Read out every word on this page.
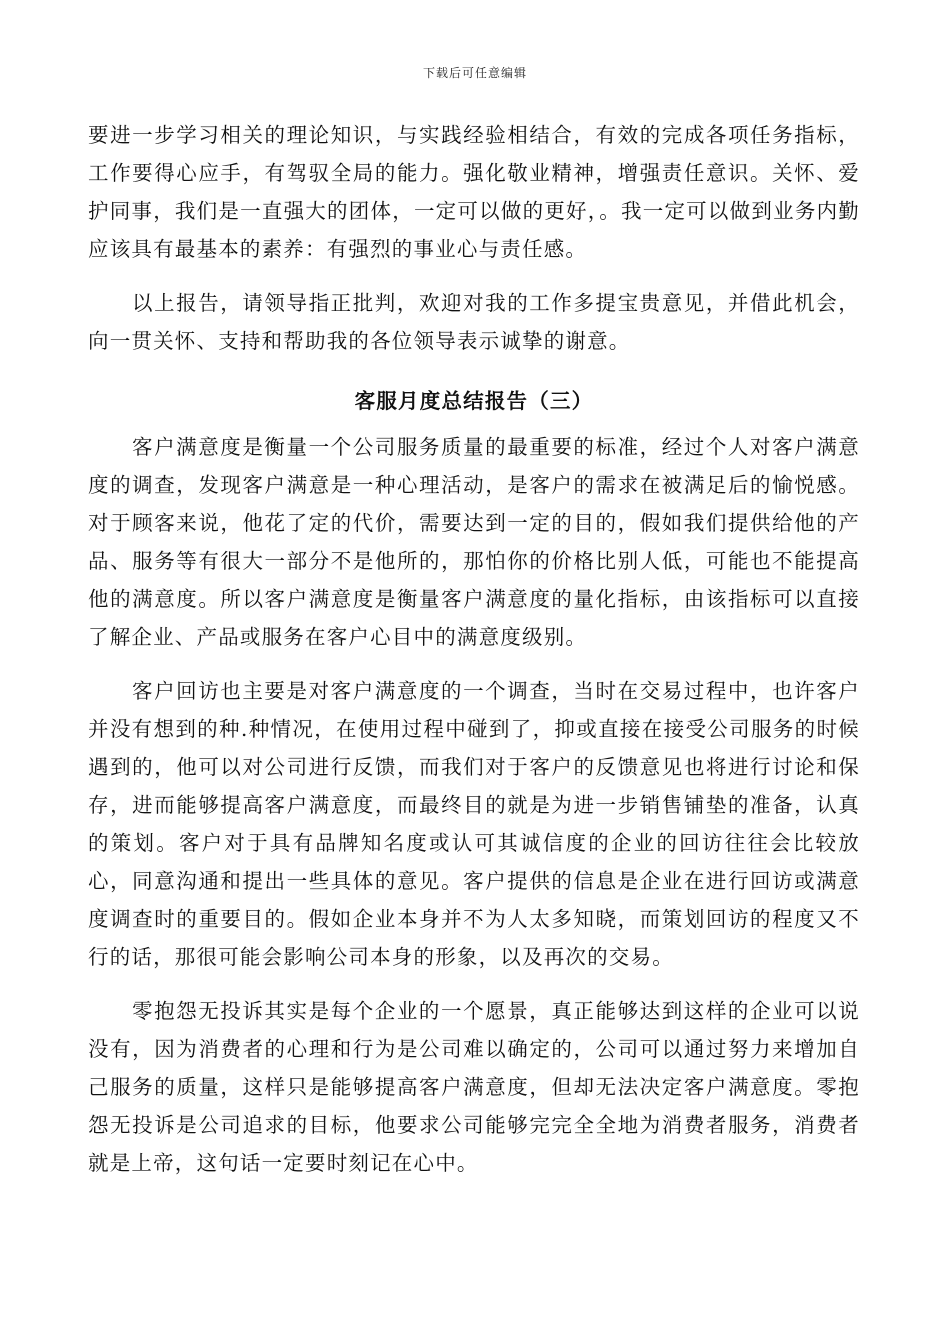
下载后可任意编辑

要进一步学习相关的理论知识，与实践经验相结合，有效的完成各项任务指标，工作要得心应手，有驾驭全局的能力。强化敬业精神，增强责任意识。关怀、爱护同事，我们是一直强大的团体，一定可以做的更好，。我一定可以做到业务内勤应该具有最基本的素养：有强烈的事业心与责任感。

以上报告，请领导指正批判，欢迎对我的工作多提宝贵意见，并借此机会，向一贯关怀、支持和帮助我的各位领导表示诚挚的谢意。

客服月度总结报告（三）

客户满意度是衡量一个公司服务质量的最重要的标准，经过个人对客户满意度的调查，发现客户满意是一种心理活动，是客户的需求在被满足后的愉悦感。对于顾客来说，他花了定的代价，需要达到一定的目的，假如我们提供给他的产品、服务等有很大一部分不是他所的，那怕你的价格比别人低，可能也不能提高他的满意度。所以客户满意度是衡量客户满意度的量化指标，由该指标可以直接了解企业、产品或服务在客户心目中的满意度级别。

客户回访也主要是对客户满意度的一个调查，当时在交易过程中，也许客户并没有想到的种.种情况，在使用过程中碰到了，抑或直接在接受公司服务的时候遇到的，他可以对公司进行反馈，而我们对于客户的反馈意见也将进行讨论和保存，进而能够提高客户满意度，而最终目的就是为进一步销售铺垫的准备，认真的策划。客户对于具有品牌知名度或认可其诚信度的企业的回访往往会比较放心，同意沟通和提出一些具体的意见。客户提供的信息是企业在进行回访或满意度调查时的重要目的。假如企业本身并不为人太多知晓，而策划回访的程度又不行的话，那很可能会影响公司本身的形象，以及再次的交易。

零抱怨无投诉其实是每个企业的一个愿景，真正能够达到这样的企业可以说没有，因为消费者的心理和行为是公司难以确定的，公司可以通过努力来增加自己服务的质量，这样只是能够提高客户满意度，但却无法决定客户满意度。零抱怨无投诉是公司追求的目标，他要求公司能够完完全全地为消费者服务，消费者就是上帝，这句话一定要时刻记在心中。
